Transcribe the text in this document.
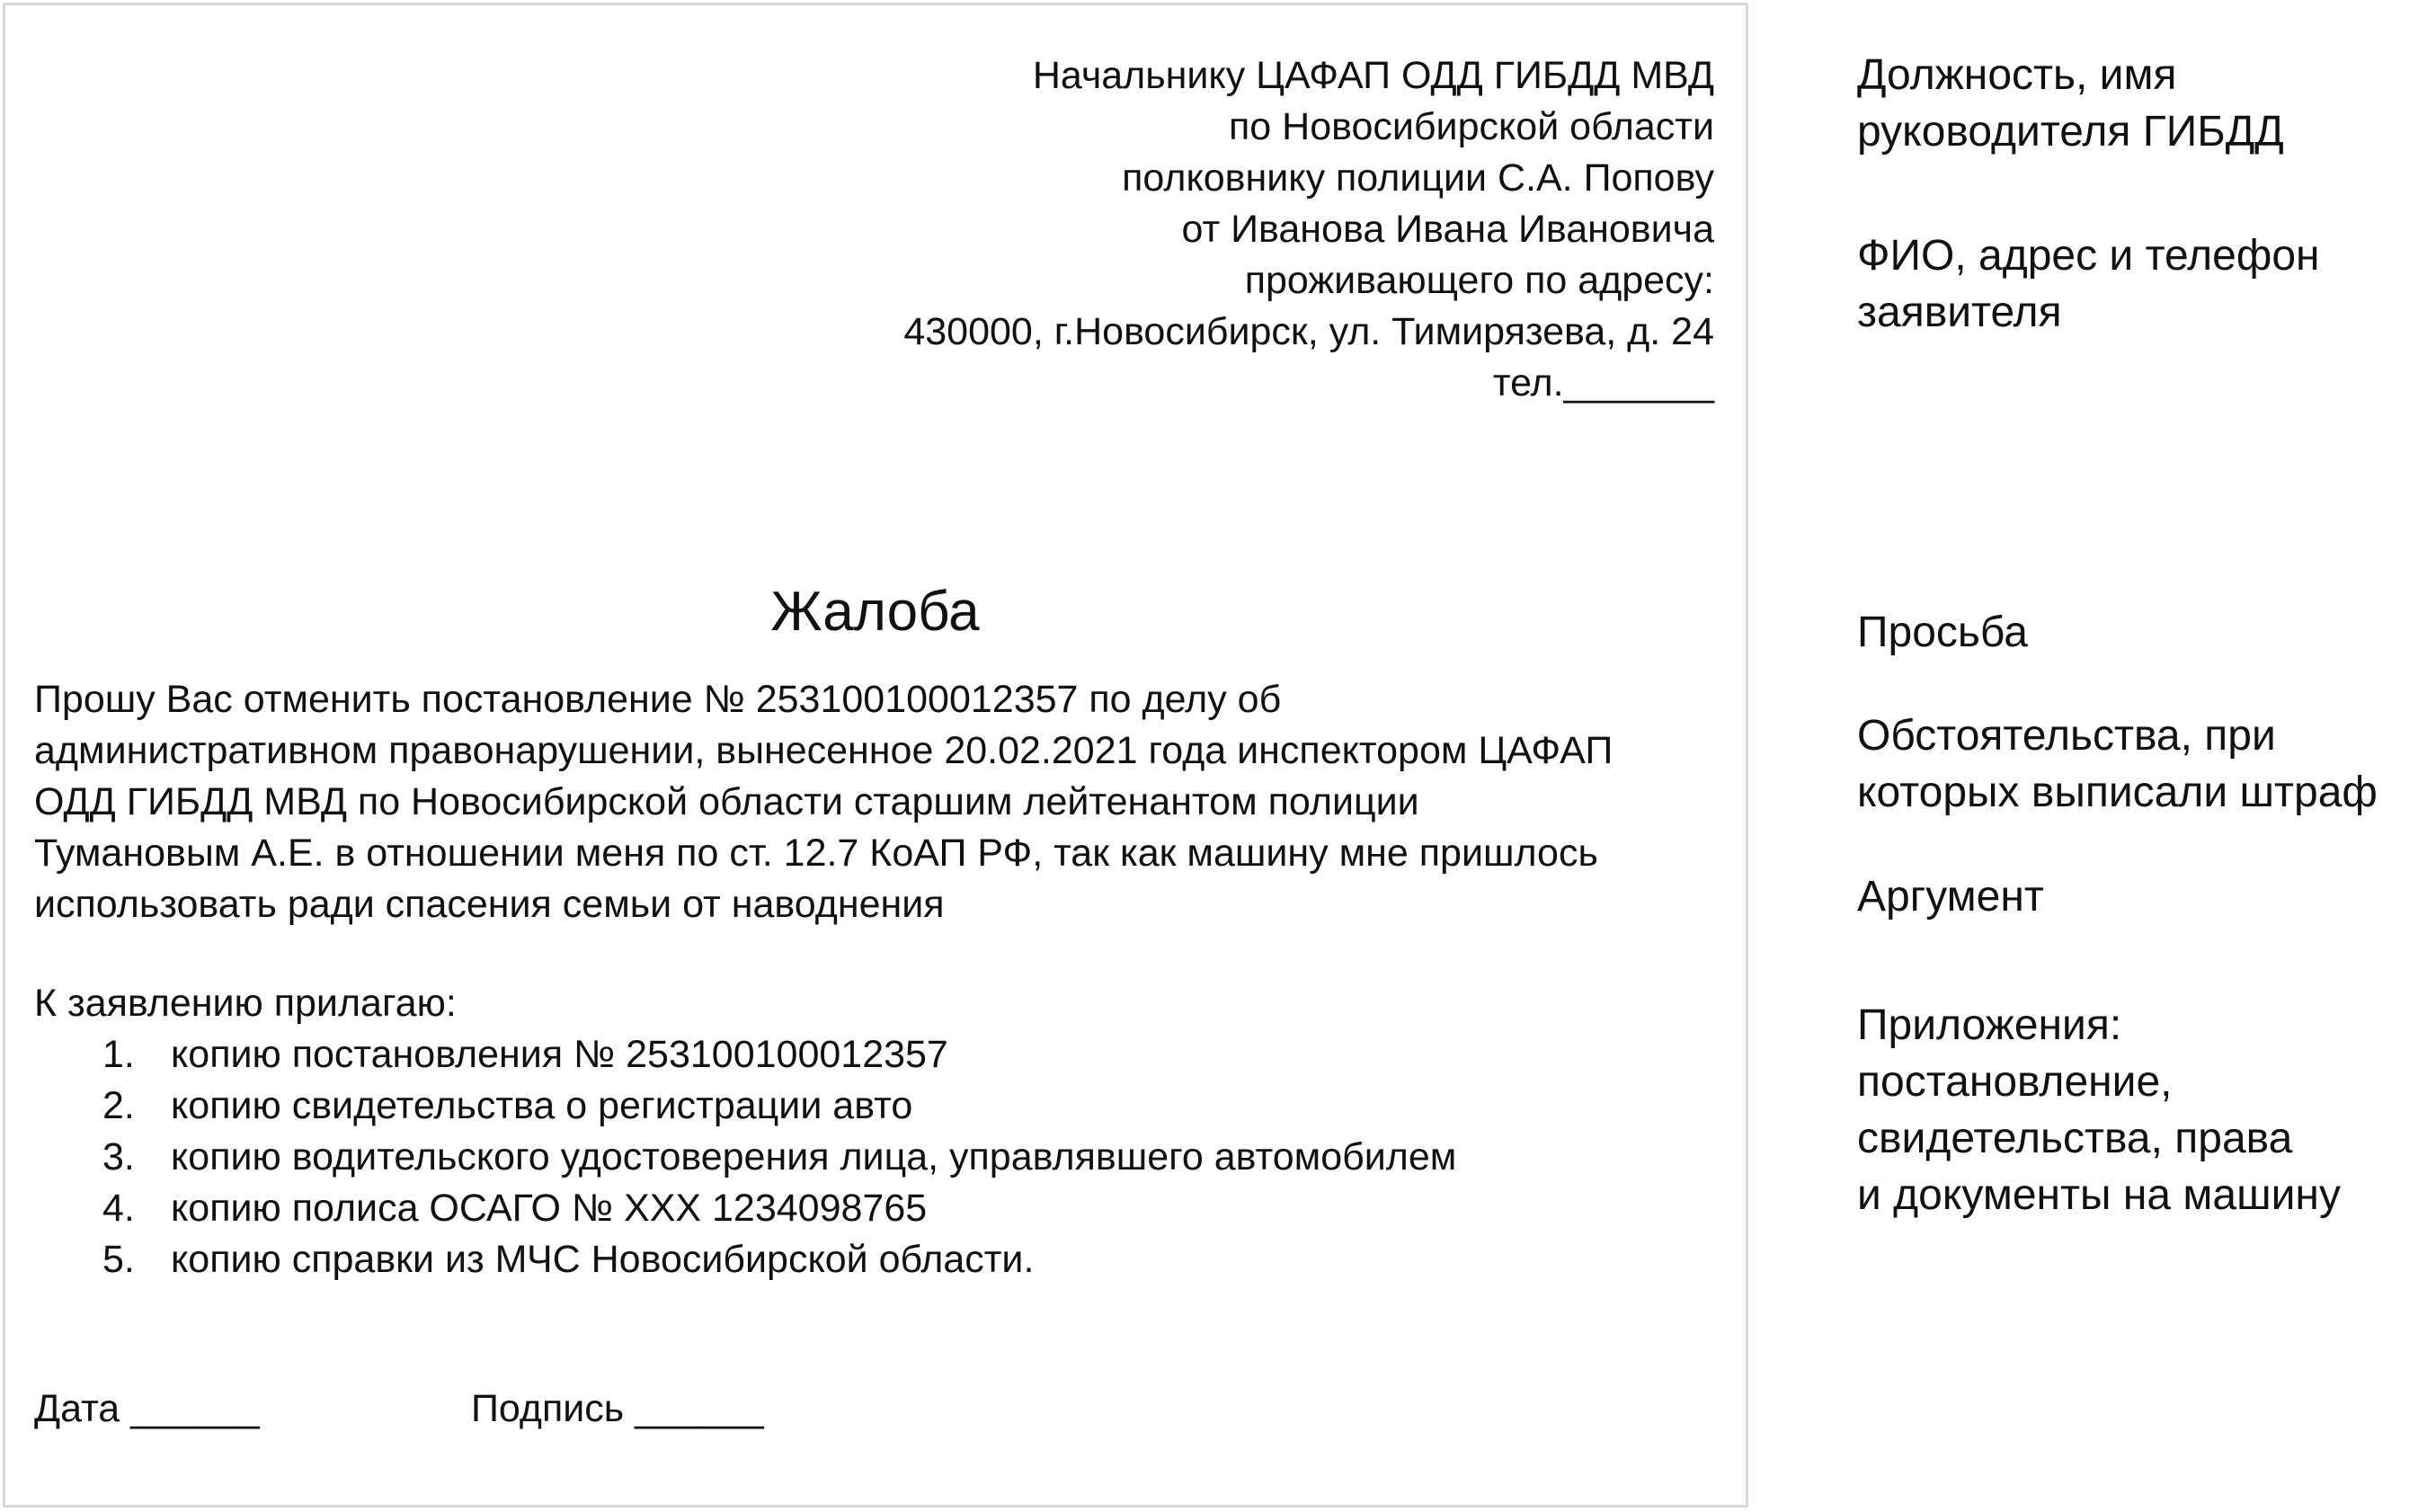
Начальнику ЦАФАП ОДД ГИБДД МВД
по Новосибирской области
полковнику полиции С.А. Попову
от Иванова Ивана Ивановича
проживающего по адресу:
430000, г.Новосибирск, ул. Тимирязева, д. 24
тел._______
Жалоба
Прошу Вас отменить постановление № 253100100012357 по делу об
административном правонарушении, вынесенное 20.02.2021 года инспектором ЦАФАП
ОДД ГИБДД МВД по Новосибирской области старшим лейтенантом полиции
Тумановым А.Е. в отношении меня по ст. 12.7 КоАП РФ, так как машину мне пришлось
использовать ради спасения семьи от наводнения
К заявлению прилагаю:
1. копию постановления № 253100100012357
2. копию свидетельства о регистрации авто
3. копию водительского удостоверения лица, управлявшего автомобилем
4. копию полиса ОСАГО № XXX 1234098765
5. копию справки из МЧС Новосибирской области.
Дата ______	Подпись ______
Должность, имя
руководителя ГИБДД
ФИО, адрес и телефон
заявителя
Просьба
Обстоятельства, при
которых выписали штраф
Аргумент
Приложения:
постановление,
свидетельства, права
и документы на машину
